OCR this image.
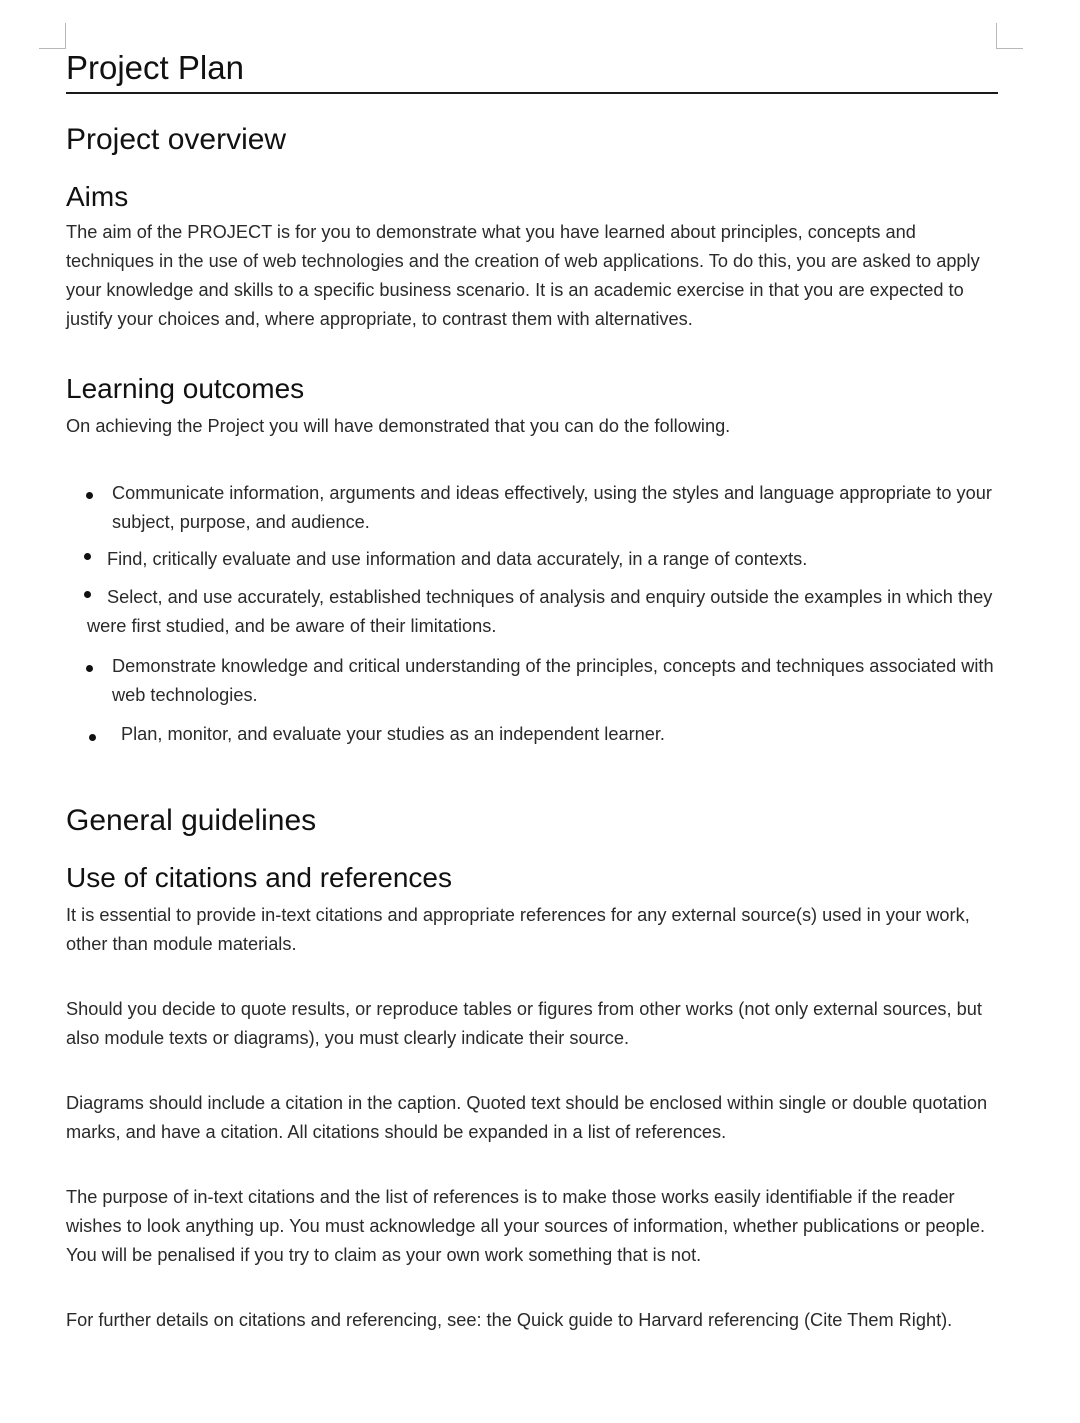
Project Plan
Project overview
Aims

The aim of the PROJECT is for you to demonstrate what you have learned about principles, concepts and techniques in the use of web technologies and the creation of web applications. To do this, you are asked to apply your knowledge and skills to a specific business scenario. It is an academic exercise in that you are expected to justify your choices and, where appropriate, to contrast them with alternatives.

Learning outcomes

On achieving the Project you will have demonstrated that you can do the following.

Communicate information, arguments and ideas effectively, using the styles and language appropriate to your subject, purpose, and audience.
Find, critically evaluate and use information and data accurately, in a range of contexts.
Select, and use accurately, established techniques of analysis and enquiry outside the examples in which they were first studied, and be aware of their limitations.
Demonstrate knowledge and critical understanding of the principles, concepts and techniques associated with web technologies.
Plan, monitor, and evaluate your studies as an independent learner.
General guidelines
Use of citations and references

It is essential to provide in-text citations and appropriate references for any external source(s) used in your work, other than module materials.

Should you decide to quote results, or reproduce tables or figures from other works (not only external sources, but also module texts or diagrams), you must clearly indicate their source.

Diagrams should include a citation in the caption. Quoted text should be enclosed within single or double quotation marks, and have a citation. All citations should be expanded in a list of references.

The purpose of in-text citations and the list of references is to make those works easily identifiable if the reader wishes to look anything up. You must acknowledge all your sources of information, whether publications or people. You will be penalised if you try to claim as your own work something that is not.

For further details on citations and referencing, see: the Quick guide to Harvard referencing (Cite Them Right).
